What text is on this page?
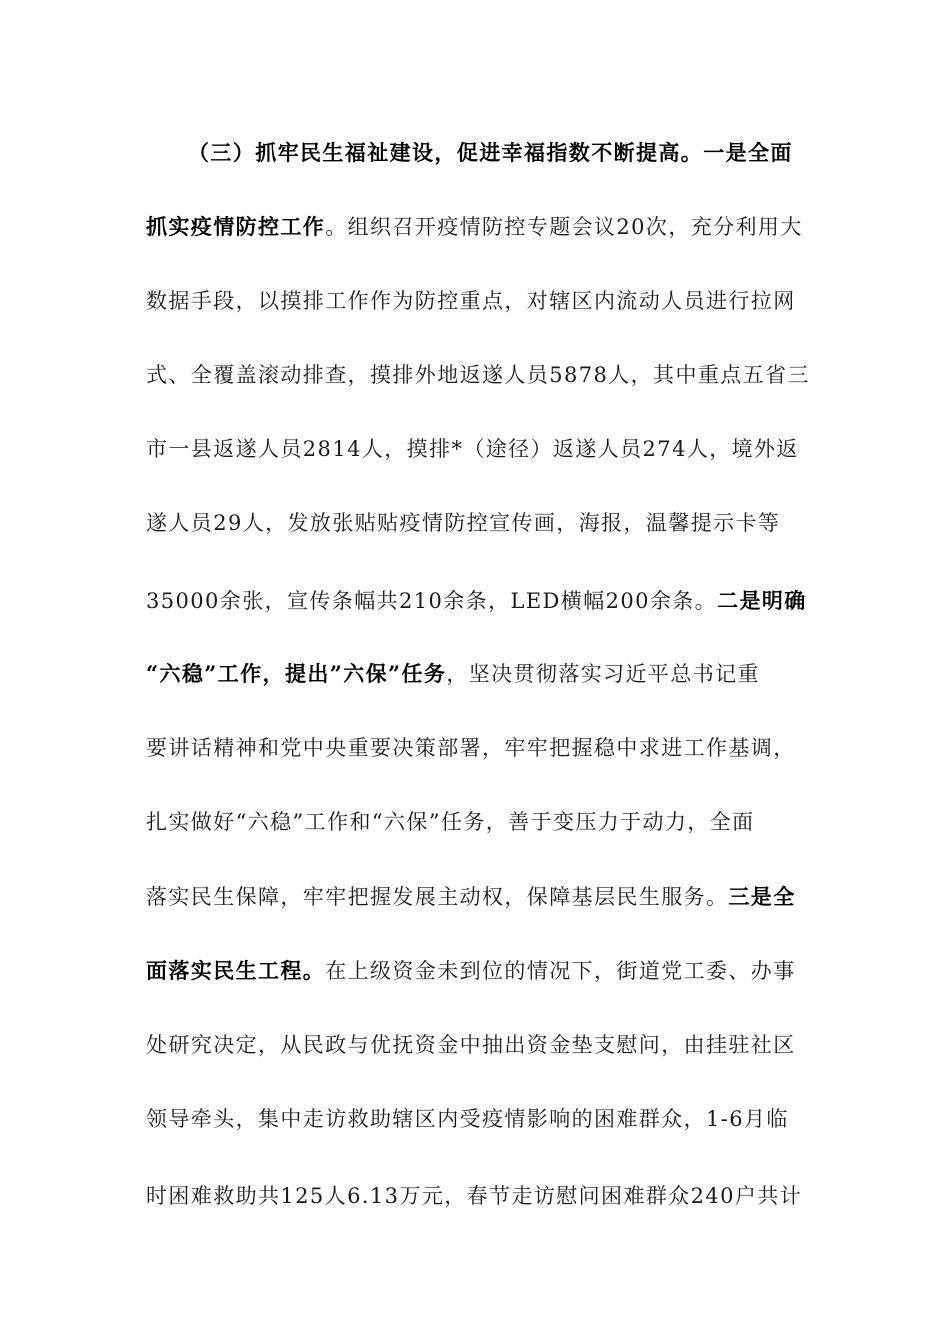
（三）抓牢民生福祉建设，促进幸福指数不断提高。一是全面
抓实疫情防控工作。组织召开疫情防控专题会议20次，充分利用大
数据手段，以摸排工作作为防控重点，对辖区内流动人员进行拉网
式、全覆盖滚动排查，摸排外地返遂人员5878人，其中重点五省三
市一县返遂人员2814人，摸排*（途径）返遂人员274人，境外返
遂人员29人，发放张贴贴疫情防控宣传画，海报，温馨提示卡等
35000余张，宣传条幅共210余条，LED横幅200余条。二是明确
“六稳”工作，提出”六保”任务，坚决贯彻落实习近平总书记重
要讲话精神和党中央重要决策部署，牢牢把握稳中求进工作基调，
扎实做好“六稳”工作和“六保”任务，善于变压力于动力，全面
落实民生保障，牢牢把握发展主动权，保障基层民生服务。三是全
面落实民生工程。在上级资金未到位的情况下，街道党工委、办事
处研究决定，从民政与优抚资金中抽出资金垫支慰问，由挂驻社区
领导牵头，集中走访救助辖区内受疫情影响的困难群众，1-6月临
时困难救助共125人6.13万元，春节走访慰问困难群众240户共计
